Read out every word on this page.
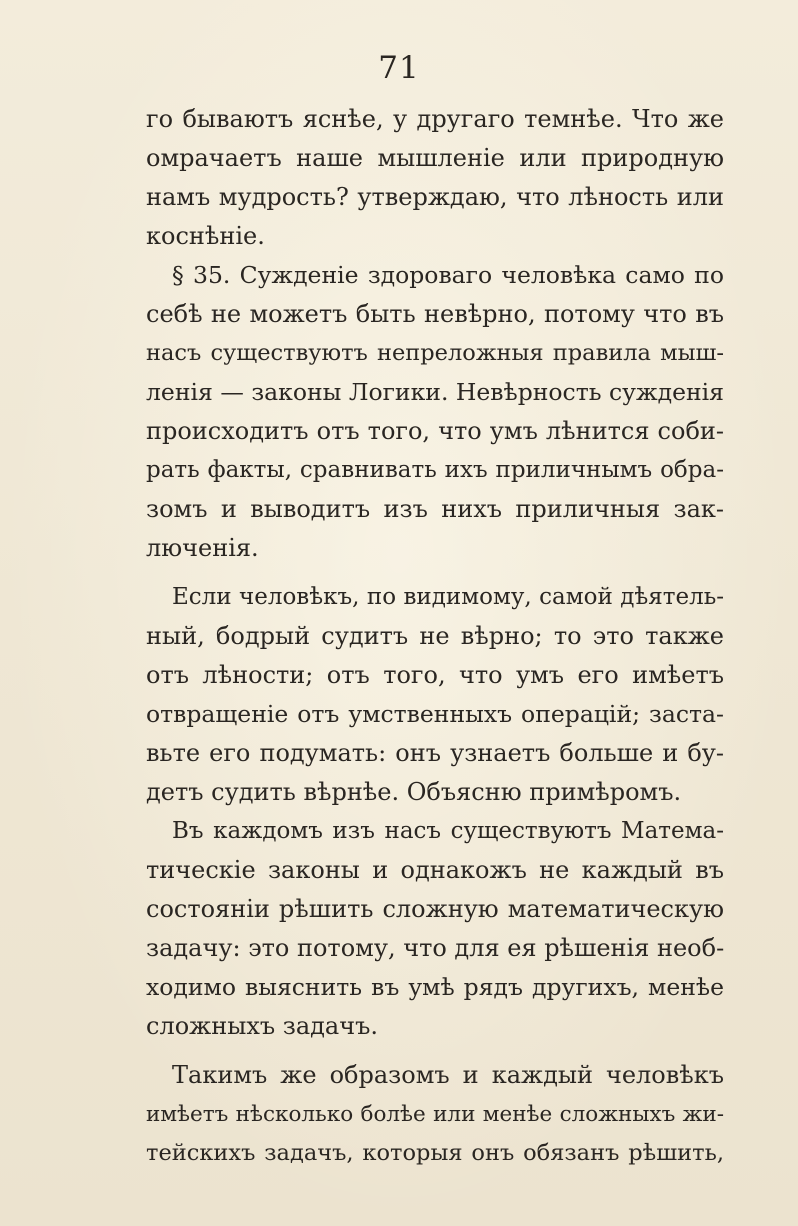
71
го бываютъ яснѣе, у другаго темнѣе. Что же
омрачаетъ наше мышленіе или природную
намъ мудрость? утверждаю, что лѣность или
коснѣніе.
§ 35. Сужденіе здороваго человѣка само по
себѣ не можетъ быть невѣрно, потому что въ
насъ существуютъ непреложныя правила мыш-
ленія — законы Логики. Невѣрность сужденія
происходитъ отъ того, что умъ лѣнится соби-
рать факты, сравнивать ихъ приличнымъ обра-
зомъ и выводитъ изъ нихъ приличныя зак-
люченія.
Если человѣкъ, по видимому, самой дѣятель-
ный, бодрый судитъ не вѣрно; то это также
отъ лѣности; отъ того, что умъ его имѣетъ
отвращеніе отъ умственныхъ операцій; заста-
вьте его подумать: онъ узнаетъ больше и бу-
детъ судить вѣрнѣе. Объясню примѣромъ.
Въ каждомъ изъ насъ существуютъ Матема-
тическіе законы и однакожъ не каждый въ
состояніи рѣшить сложную математическую
задачу: это потому, что для ея рѣшенія необ-
ходимо выяснить въ умѣ рядъ другихъ, менѣе
сложныхъ задачъ.
Такимъ же образомъ и каждый человѣкъ
имѣетъ нѣсколько болѣе или менѣе сложныхъ жи-
тейскихъ задачъ, которыя онъ обязанъ рѣшить,
